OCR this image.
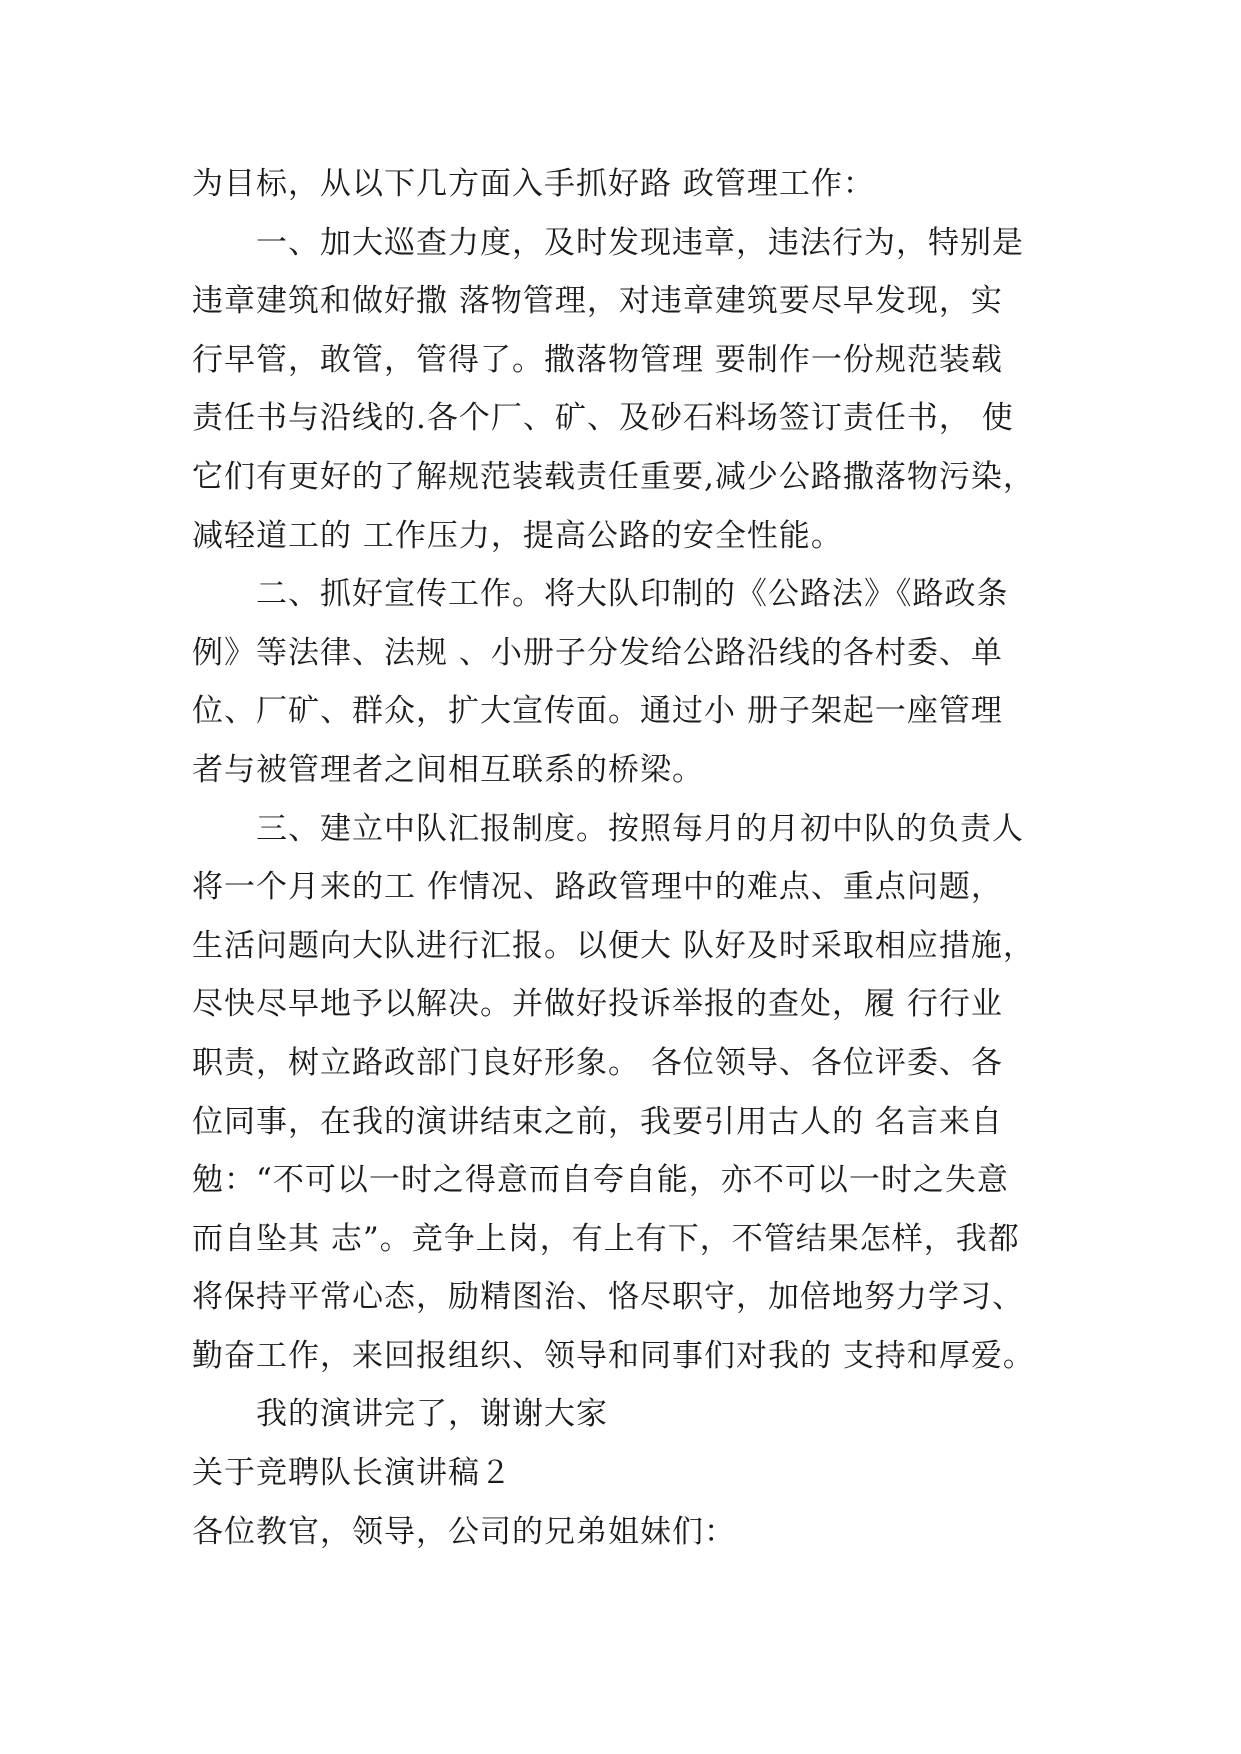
为目标，从以下几方面入手抓好路 政管理工作：
一、加大巡查力度，及时发现违章，违法行为，特别是
违章建筑和做好撒 落物管理，对违章建筑要尽早发现，实
行早管，敢管，管得了。撒落物管理 要制作一份规范装载
责任书与沿线的.各个厂、矿、及砂石料场签订责任书， 使
它们有更好的了解规范装载责任重要,减少公路撒落物污染，
减轻道工的 工作压力，提高公路的安全性能。
二、抓好宣传工作。将大队印制的《公路法》《路政条
例》等法律、法规 、小册子分发给公路沿线的各村委、单
位、厂矿、群众，扩大宣传面。通过小 册子架起一座管理
者与被管理者之间相互联系的桥梁。
三、建立中队汇报制度。按照每月的月初中队的负责人
将一个月来的工 作情况、路政管理中的难点、重点问题，
生活问题向大队进行汇报。以便大 队好及时采取相应措施，
尽快尽早地予以解决。并做好投诉举报的查处，履 行行业
职责，树立路政部门良好形象。 各位领导、各位评委、各
位同事，在我的演讲结束之前，我要引用古人的 名言来自
勉：“不可以一时之得意而自夸自能，亦不可以一时之失意
而自坠其 志”。竞争上岗，有上有下，不管结果怎样，我都
将保持平常心态，励精图治、恪尽职守，加倍地努力学习、
勤奋工作，来回报组织、领导和同事们对我的 支持和厚爱。
我的演讲完了，谢谢大家
关于竞聘队长演讲稿２
各位教官，领导，公司的兄弟姐妹们：
